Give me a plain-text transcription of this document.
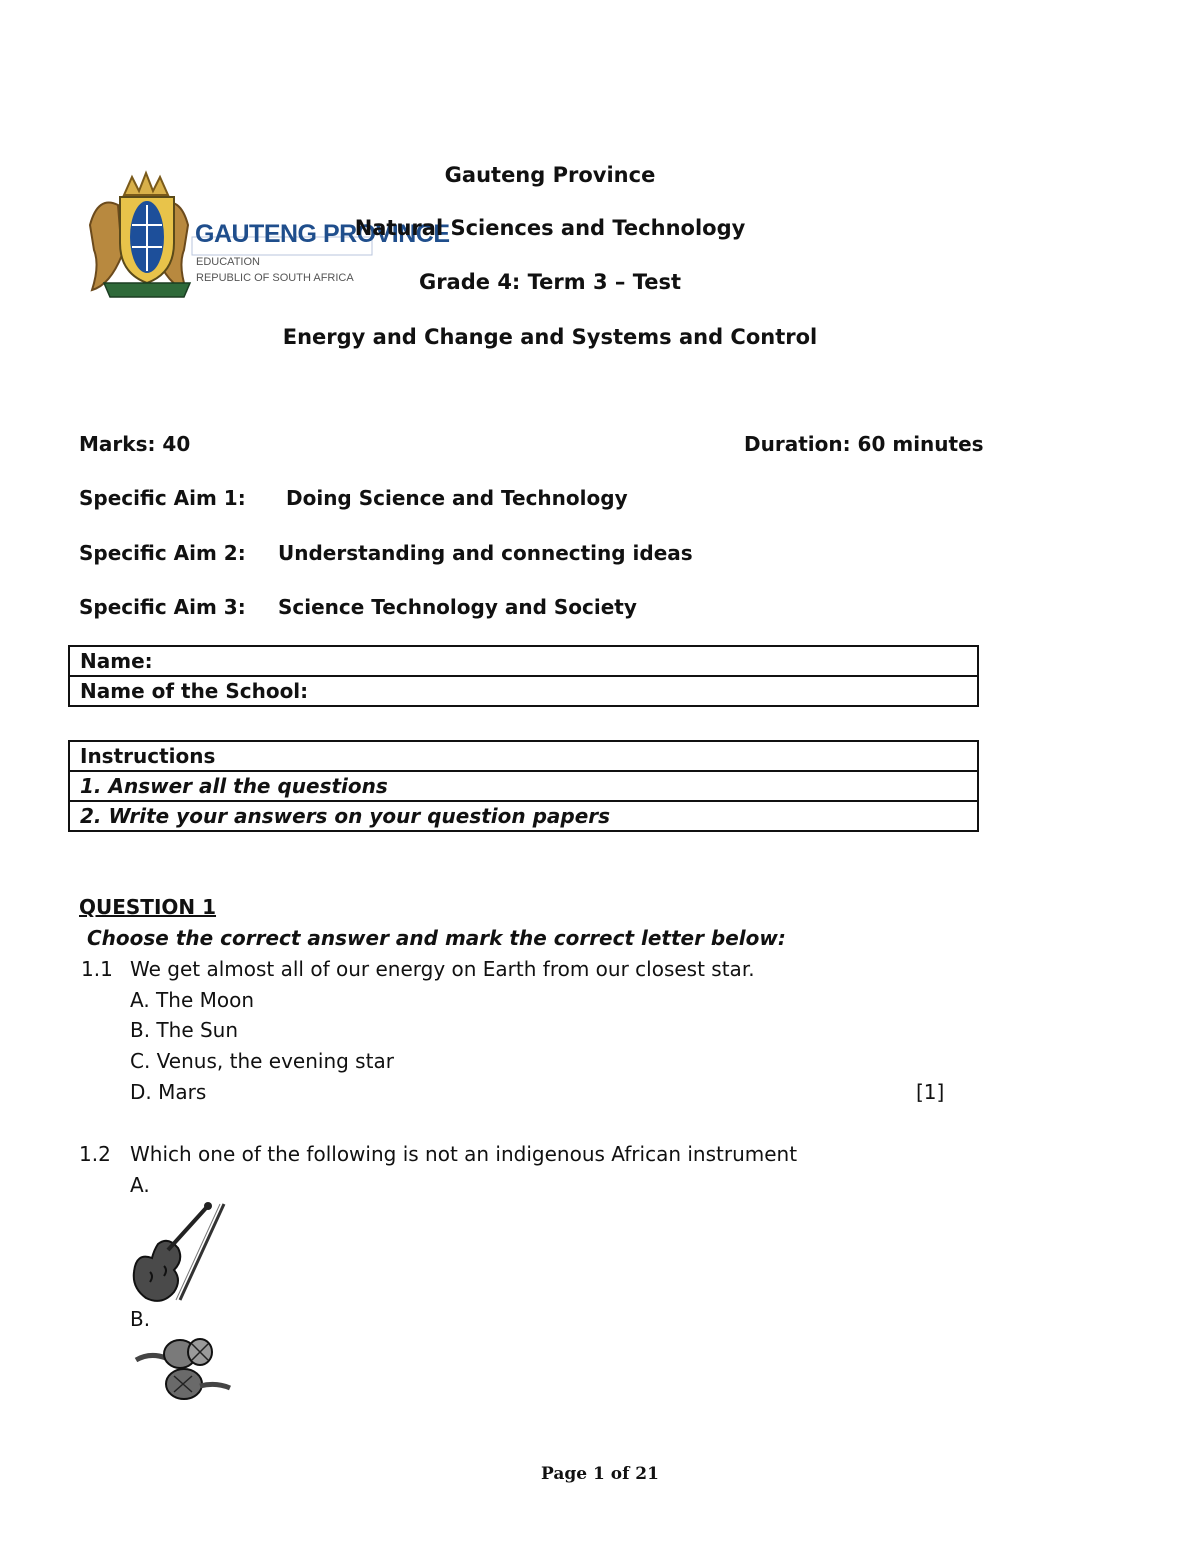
GAUTENG PROVINCE
EDUCATION
REPUBLIC OF SOUTH AFRICA
Gauteng Province
Natural Sciences and Technology
Grade 4: Term 3 – Test
Energy and Change and Systems and Control
Marks: 40	Duration: 60 minutes
Specific Aim 1: Doing Science and Technology
Specific Aim 2: Understanding and connecting ideas
Specific Aim 3: Science Technology and Society
Name:
Name of the School:
Instructions
1. Answer all the questions
2. Write your answers on your question papers
QUESTION 1
Choose the correct answer and mark the correct letter below:
1.1 We get almost all of our energy on Earth from our closest star.
A. The Moon
B. The Sun
C. Venus, the evening star
D. Mars	[1]
1.2 Which one of the following is not an indigenous African instrument
A.
B.
Page 1 of 21
